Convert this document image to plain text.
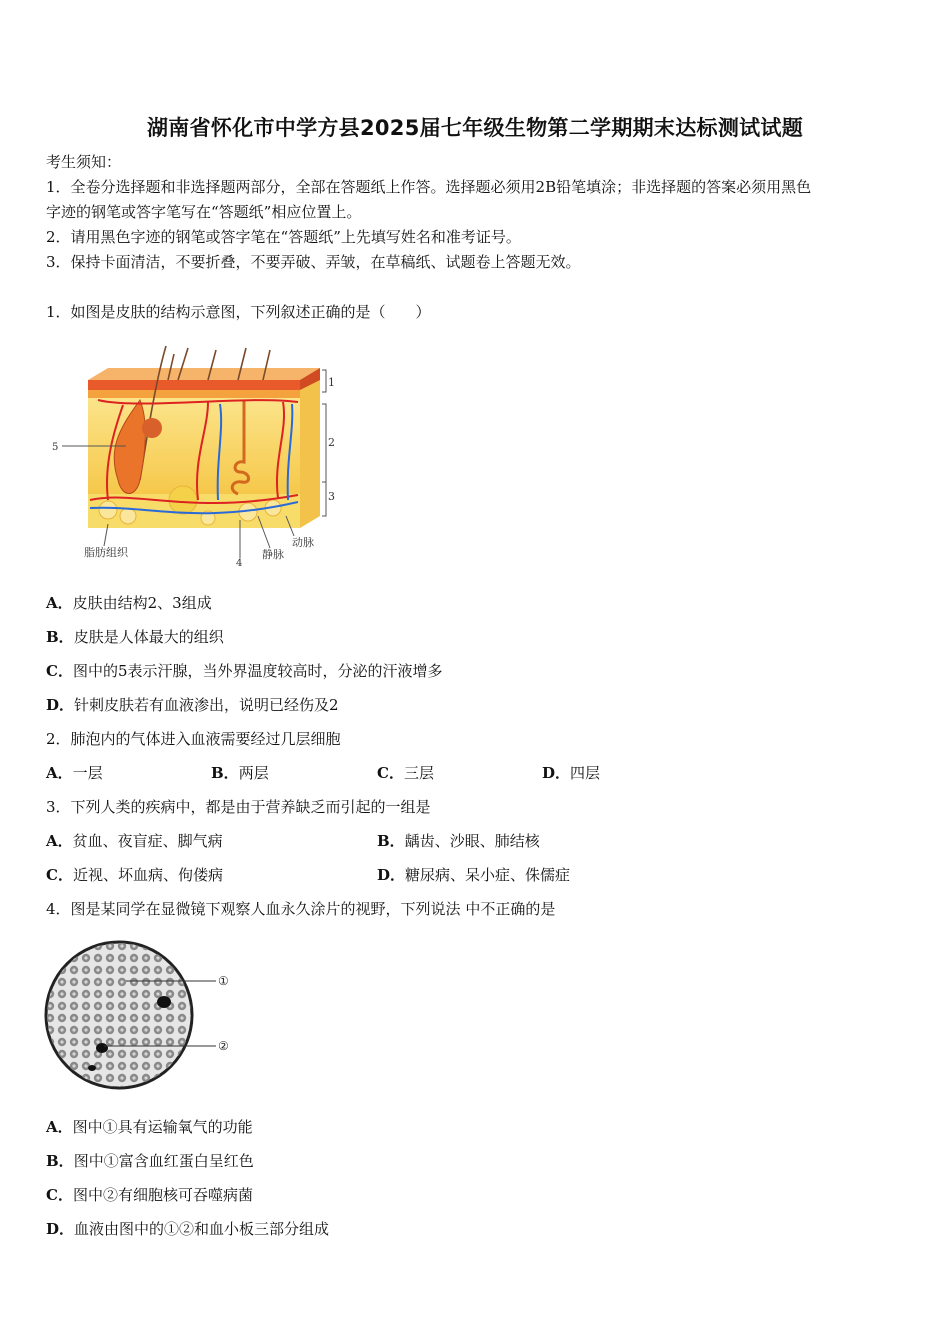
湖南省怀化市中学方县2025届七年级生物第二学期期末达标测试试题
考生须知：
1．全卷分选择题和非选择题两部分，全部在答题纸上作答。选择题必须用2B铅笔填涂；非选择题的答案必须用黑色
字迹的钢笔或答字笔写在“答题纸”相应位置上。
2．请用黑色字迹的钢笔或答字笔在“答题纸”上先填写姓名和准考证号。
3．保持卡面清洁，不要折叠，不要弄破、弄皱，在草稿纸、试题卷上答题无效。
1．如图是皮肤的结构示意图，下列叙述正确的是（　　）
1
2
3
4
5
脂肪组织	静脉
动脉
A．皮肤由结构2、3组成
B．皮肤是人体最大的组织
C．图中的5表示汗腺，当外界温度较高时，分泌的汗液增多
D．针刺皮肤若有血液渗出，说明已经伤及2
2．肺泡内的气体进入血液需要经过几层细胞
A．一层	B．两层	C．三层	D．四层
3．下列人类的疾病中，都是由于营养缺乏而引起的一组是
A．贫血、夜盲症、脚气病	B．龋齿、沙眼、肺结核
C．近视、坏血病、佝偻病	D．糖尿病、呆小症、侏儒症
4．图是某同学在显微镜下观察人血永久涂片的视野，下列说法 中不正确的是
①
②
A．图中①具有运输氧气的功能
B．图中①富含血红蛋白呈红色
C．图中②有细胞核可吞噬病菌
D．血液由图中的①②和血小板三部分组成
